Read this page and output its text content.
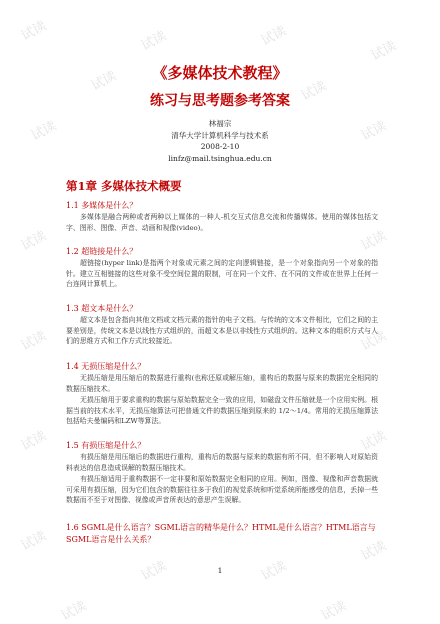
试读	试读	试读
试读
试读	试读
试读	试读
试读	试读
试读	试读
试读
试读	试读
试读
试读	试读
试读	试读
《多媒体技术教程》
练习与思考题参考答案
林福宗
清华大学计算机科学与技术系
2008-2-10
linfz@mail.tsinghua.edu.cn
第1章 多媒体技术概要
1.1 多媒体是什么？
多媒体是融合两种或者两种以上媒体的一种人-机交互式信息交流和传播媒体。使用的媒体包括文字、图形、图像、声音、动画和视像(video)。
1.2 超链接是什么？
超链接(hyper link)是指两个对象或元素之间的定向逻辑链接，是一个对象指向另一个对象的指针。建立互相链接的这些对象不受空间位置的限制，可在同一个文件、在不同的文件或在世界上任何一台连网计算机上。
1.3 超文本是什么？
超文本是包含指向其他文档或文档元素的指针的电子文档。与传统的文本文件相比，它们之间的主要差别是，传统文本是以线性方式组织的，而超文本是以非线性方式组织的。这种文本的组织方式与人们的思维方式和工作方式比较接近。
1.4 无损压缩是什么？
无损压缩是用压缩后的数据进行重构(也称还原或解压缩)，重构后的数据与原来的数据完全相同的数据压缩技术。
无损压缩用于要求重构的数据与原始数据完全一致的应用，如磁盘文件压缩就是一个应用实例。根据当前的技术水平，无损压缩算法可把普通文件的数据压缩到原来的 1/2～1/4。常用的无损压缩算法包括哈夫曼编码和LZW等算法。
1.5 有损压缩是什么？
有损压缩是用压缩后的数据进行重构，重构后的数据与原来的数据有所不同，但不影响人对原始资料表达的信息造成误解的数据压缩技术。
有损压缩适用于重构数据不一定非要和原始数据完全相同的应用。例如，图像、视像和声音数据就可采用有损压缩，因为它们包含的数据往往多于我们的视觉系统和听觉系统所能感受的信息，丢掉一些数据而不至于对图像、视像或声音所表达的意思产生误解。
1.6 SGML是什么语言？SGML语言的精华是什么？HTML是什么语言？HTML语言与SGML语言是什么关系？
1
